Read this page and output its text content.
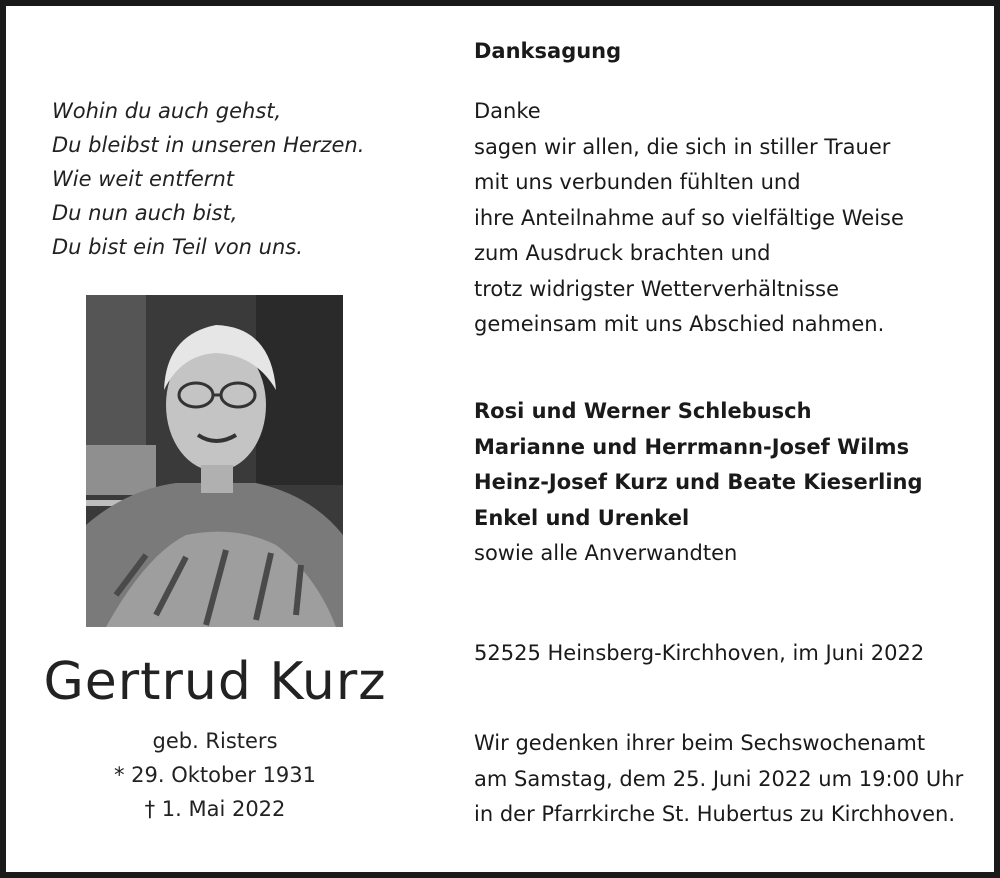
Wohin du auch gehst,
Du bleibst in unseren Herzen.
Wie weit entfernt
Du nun auch bist,
Du bist ein Teil von uns.
Gertrud Kurz
geb. Risters
* 29. Oktober 1931
† 1. Mai 2022
Danksagung
Danke
sagen wir allen, die sich in stiller Trauer
mit uns verbunden fühlten und
ihre Anteilnahme auf so vielfältige Weise
zum Ausdruck brachten und
trotz widrigster Wetterverhältnisse
gemeinsam mit uns Abschied nahmen.
Rosi und Werner Schlebusch
Marianne und Herrmann-Josef Wilms
Heinz-Josef Kurz und Beate Kieserling
Enkel und Urenkel
sowie alle Anverwandten
52525 Heinsberg-Kirchhoven, im Juni 2022
Wir gedenken ihrer beim Sechswochenamt
am Samstag, dem 25. Juni 2022 um 19:00 Uhr
in der Pfarrkirche St. Hubertus zu Kirchhoven.
